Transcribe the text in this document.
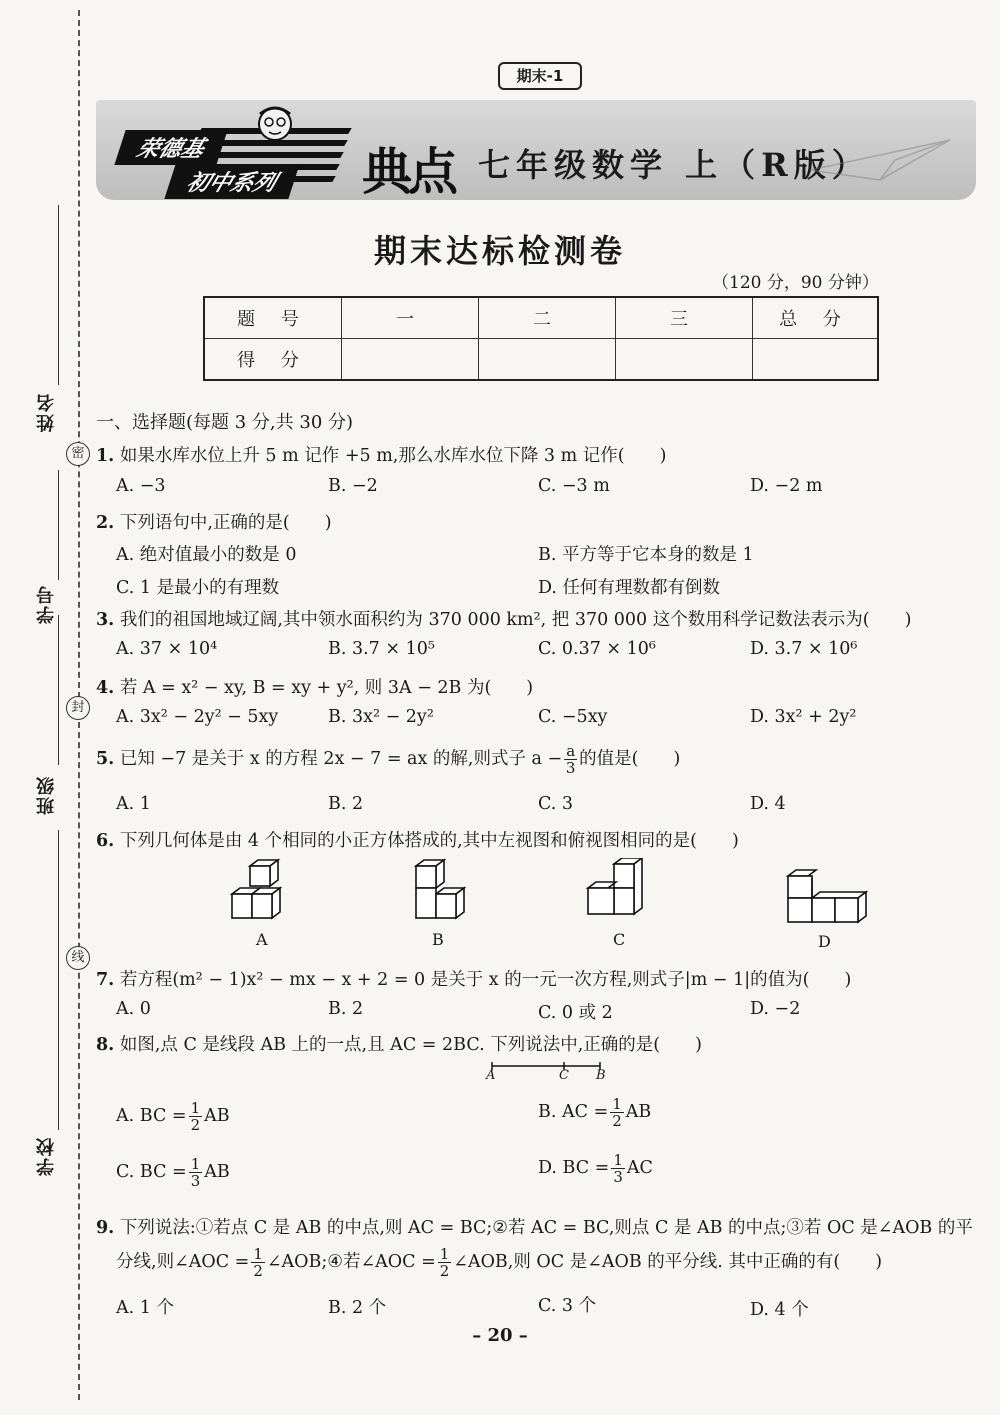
姓名
学号
班级
学校
密
封
线
期末-1
荣德基
初中系列	典点 七年级数学 上（R版）
期末达标检测卷
（120 分，90 分钟）
题 号	一	二	三	总 分
得 分				
一、选择题(每题 3 分,共 30 分)
1. 如果水库水位上升 5 m 记作 +5 m,那么水库水位下降 3 m 记作(　　)
A. −3	B. −2	C. −3 m	D. −2 m
2. 下列语句中,正确的是(　　)
A. 绝对值最小的数是 0	B. 平方等于它本身的数是 1
C. 1 是最小的有理数	D. 任何有理数都有倒数
3. 我们的祖国地域辽阔,其中领水面积约为 370 000 km², 把 370 000 这个数用科学记数法表示为(　　)
A. 37 × 10⁴	B. 3.7 × 10⁵	C. 0.37 × 10⁶	D. 3.7 × 10⁶
4. 若 A = x² − xy, B = xy + y², 则 3A − 2B 为(　　)
A. 3x² − 2y² − 5xy	B. 3x² − 2y²	C. −5xy	D. 3x² + 2y²
5. 已知 −7 是关于 x 的方程 2x − 7 = ax 的解,则式子 $a - \frac{a}{3}$ 的值是(　　)
A. 1	B. 2	C. 3	D. 4
6. 下列几何体是由 4 个相同的小正方体搭成的,其中左视图和俯视图相同的是(　　)
A	B	C	D
7. 若方程(m² − 1)x² − mx − x + 2 = 0 是关于 x 的一元一次方程,则式子|m − 1|的值为(　　)
A. 0	B. 2	C. 0 或 2	D. −2
8. 如图,点 C 是线段 AB 上的一点,且 AC = 2BC. 下列说法中,正确的是(　　)
A	C B
A. BC = $\frac{1}{2}$ AB	B. AC = $\frac{1}{2}$ AB
C. BC = $\frac{1}{3}$ AB	D. BC = $\frac{1}{3}$ AC
9. 下列说法:①若点 C 是 AB 的中点,则 AC = BC;②若 AC = BC,则点 C 是 AB 的中点;③若 OC 是∠AOB 的平
分线,则∠AOC = $\frac{1}{2}$ ∠AOB;④若∠AOC = $\frac{1}{2}$ ∠AOB,则 OC 是∠AOB 的平分线. 其中正确的有(　　)
A. 1 个	B. 2 个	C. 3 个	D. 4 个
– 20 –
